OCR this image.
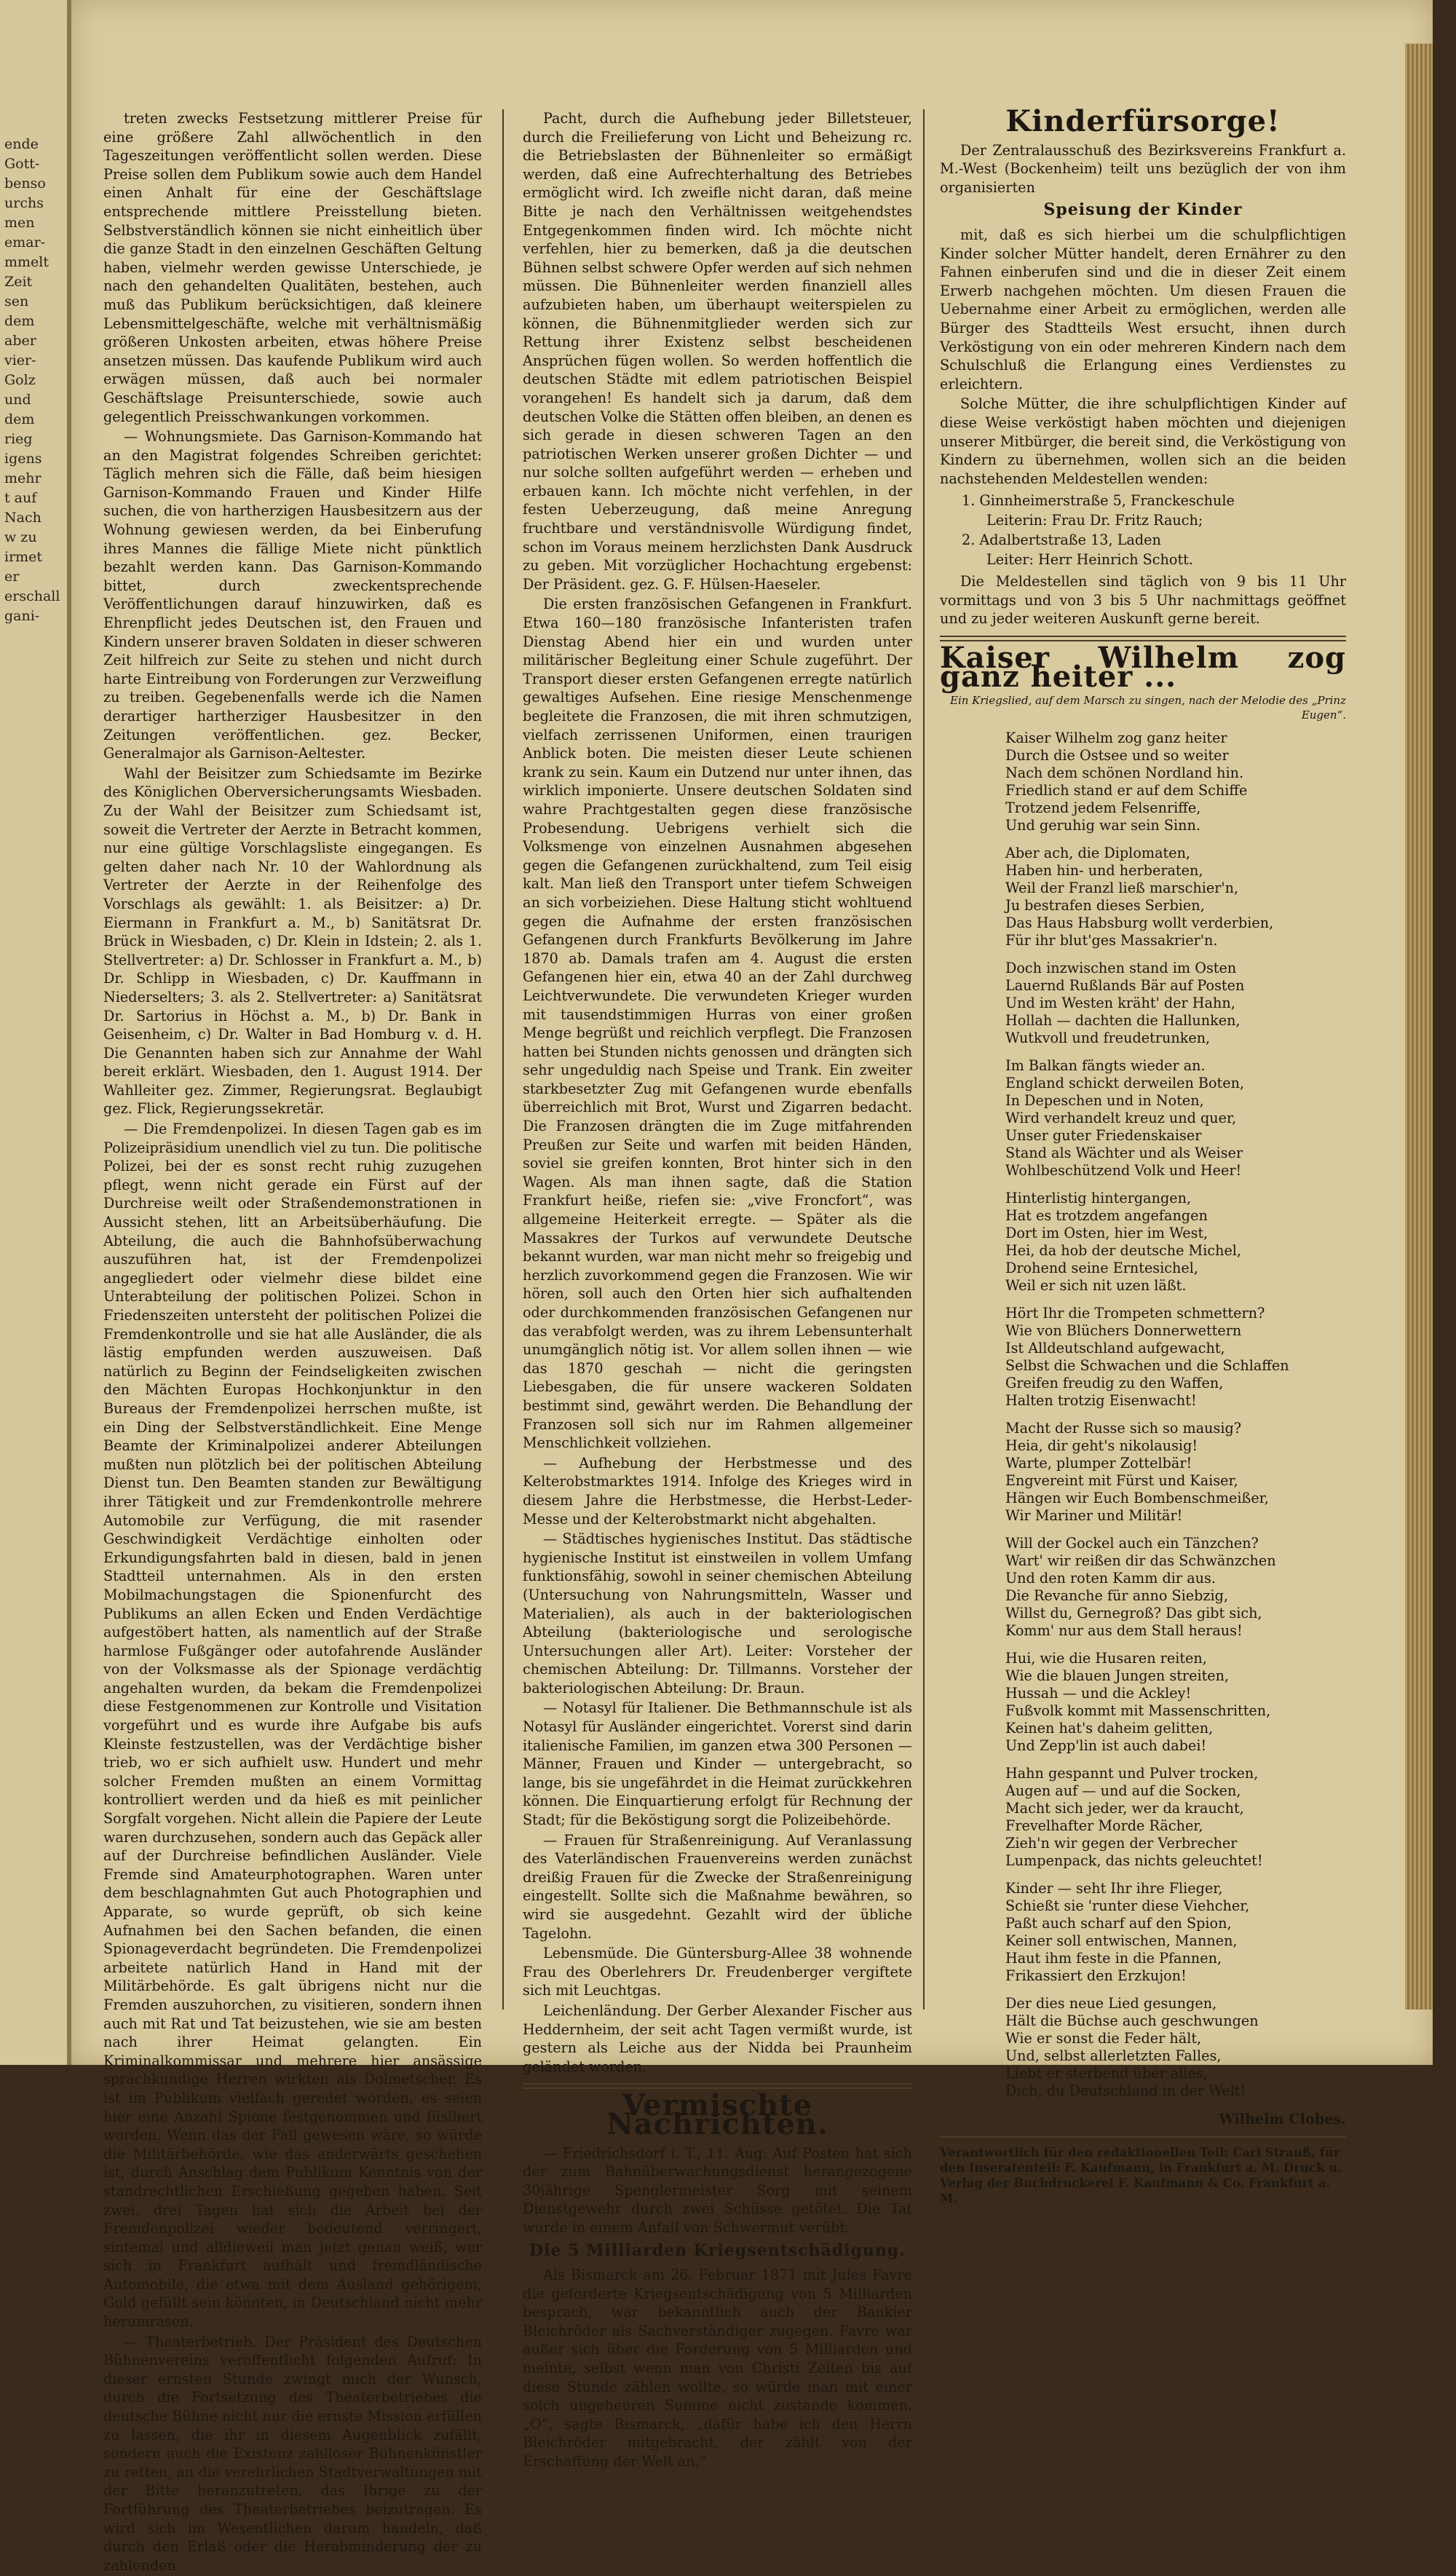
ende
Gott-
benso
urchs
men
emar-
mmelt
Zeit
sen
dem
aber
vier-
Golz
und
dem
rieg
igens
mehr
t auf
Nach
w zu
irmet
er
erschall
gani-

treten zwecks Festsetzung mittlerer Preise für eine größere Zahl allwöchentlich in den Tageszeitungen veröffentlicht sollen werden. Diese Preise sollen dem Publikum sowie auch dem Handel einen Anhalt für eine der Geschäftslage entsprechende mittlere Preisstellung bieten. Selbstverständlich können sie nicht einheitlich über die ganze Stadt in den einzelnen Geschäften Geltung haben, vielmehr werden gewisse Unterschiede, je nach den gehandelten Qualitäten, bestehen, auch muß das Publikum berücksichtigen, daß kleinere Lebensmittelgeschäfte, welche mit verhältnismäßig größeren Unkosten arbeiten, etwas höhere Preise ansetzen müssen. Das kaufende Publikum wird auch erwägen müssen, daß auch bei normaler Geschäftslage Preisunterschiede, sowie auch gelegentlich Preisschwankungen vorkommen.

— Wohnungsmiete. Das Garnison-Kommando hat an den Magistrat folgendes Schreiben gerichtet: Täglich mehren sich die Fälle, daß beim hiesigen Garnison-Kommando Frauen und Kinder Hilfe suchen, die von hartherzigen Hausbesitzern aus der Wohnung gewiesen werden, da bei Einberufung ihres Mannes die fällige Miete nicht pünktlich bezahlt werden kann. Das Garnison-Kommando bittet, durch zweckentsprechende Veröffentlichungen darauf hinzuwirken, daß es Ehrenpflicht jedes Deutschen ist, den Frauen und Kindern unserer braven Soldaten in dieser schweren Zeit hilfreich zur Seite zu stehen und nicht durch harte Eintreibung von Forderungen zur Verzweiflung zu treiben. Gegebenenfalls werde ich die Namen derartiger hartherziger Hausbesitzer in den Zeitungen veröffentlichen. gez. Becker, Generalmajor als Garnison-Aeltester.

Wahl der Beisitzer zum Schiedsamte im Bezirke des Königlichen Oberversicherungsamts Wiesbaden. Zu der Wahl der Beisitzer zum Schiedsamt ist, soweit die Vertreter der Aerzte in Betracht kommen, nur eine gültige Vorschlagsliste eingegangen. Es gelten daher nach Nr. 10 der Wahlordnung als Vertreter der Aerzte in der Reihenfolge des Vorschlags als gewählt: 1. als Beisitzer: a) Dr. Eiermann in Frankfurt a. M., b) Sanitätsrat Dr. Brück in Wiesbaden, c) Dr. Klein in Idstein; 2. als 1. Stellvertreter: a) Dr. Schlosser in Frankfurt a. M., b) Dr. Schlipp in Wiesbaden, c) Dr. Kauffmann in Niederselters; 3. als 2. Stellvertreter: a) Sanitätsrat Dr. Sartorius in Höchst a. M., b) Dr. Bank in Geisenheim, c) Dr. Walter in Bad Homburg v. d. H. Die Genannten haben sich zur Annahme der Wahl bereit erklärt. Wiesbaden, den 1. August 1914. Der Wahlleiter gez. Zimmer, Regierungsrat. Beglaubigt gez. Flick, Regierungssekretär.

— Die Fremdenpolizei. In diesen Tagen gab es im Polizeipräsidium unendlich viel zu tun. Die politische Polizei, bei der es sonst recht ruhig zuzugehen pflegt, wenn nicht gerade ein Fürst auf der Durchreise weilt oder Straßendemonstrationen in Aussicht stehen, litt an Arbeitsüberhäufung. Die Abteilung, die auch die Bahnhofsüberwachung auszuführen hat, ist der Fremdenpolizei angegliedert oder vielmehr diese bildet eine Unterabteilung der politischen Polizei. Schon in Friedenszeiten untersteht der politischen Polizei die Fremdenkontrolle und sie hat alle Ausländer, die als lästig empfunden werden auszuweisen. Daß natürlich zu Beginn der Feindseligkeiten zwischen den Mächten Europas Hochkonjunktur in den Bureaus der Fremdenpolizei herrschen mußte, ist ein Ding der Selbstverständlichkeit. Eine Menge Beamte der Kriminalpolizei anderer Abteilungen mußten nun plötzlich bei der politischen Abteilung Dienst tun. Den Beamten standen zur Bewältigung ihrer Tätigkeit und zur Fremdenkontrolle mehrere Automobile zur Verfügung, die mit rasender Geschwindigkeit Verdächtige einholten oder Erkundigungsfahrten bald in diesen, bald in jenen Stadtteil unternahmen. Als in den ersten Mobilmachungstagen die Spionenfurcht des Publikums an allen Ecken und Enden Verdächtige aufgestöbert hatten, als namentlich auf der Straße harmlose Fußgänger oder autofahrende Ausländer von der Volksmasse als der Spionage verdächtig angehalten wurden, da bekam die Fremdenpolizei diese Festgenommenen zur Kontrolle und Visitation vorgeführt und es wurde ihre Aufgabe bis aufs Kleinste festzustellen, was der Verdächtige bisher trieb, wo er sich aufhielt usw. Hundert und mehr solcher Fremden mußten an einem Vormittag kontrolliert werden und da hieß es mit peinlicher Sorgfalt vorgehen. Nicht allein die Papiere der Leute waren durchzusehen, sondern auch das Gepäck aller auf der Durchreise befindlichen Ausländer. Viele Fremde sind Amateurphotographen. Waren unter dem beschlagnahmten Gut auch Photographien und Apparate, so wurde geprüft, ob sich keine Aufnahmen bei den Sachen befanden, die einen Spionageverdacht begründeten. Die Fremdenpolizei arbeitete natürlich Hand in Hand mit der Militärbehörde. Es galt übrigens nicht nur die Fremden auszuhorchen, zu visitieren, sondern ihnen auch mit Rat und Tat beizustehen, wie sie am besten nach ihrer Heimat gelangten. Ein Kriminalkommissar und mehrere hier ansässige sprachkundige Herren wirkten als Dolmetscher. Es ist im Publikum vielfach geredet worden, es seien hier eine Anzahl Spione festgenommen und füsiliert worden. Wenn das der Fall gewesen wäre, so würde die Militärbehörde, wie das anderwärts geschehen ist, durch Anschlag dem Publikum Kenntnis von der standrechtlichen Erschießung gegeben haben. Seit zwei, drei Tagen hat sich die Arbeit bei der Fremdenpolizei wieder bedeutend verringert, sintemal und alldieweil man jetzt genau weiß, wer sich in Frankfurt aufhält und fremdländische Automobile, die etwa mit dem Ausland gehörigem, Gold gefüllt sein könnten, in Deutschland nicht mehr herumrasen.

— Theaterbetrieb. Der Präsident des Deutschen Bühnenvereins veröffentlicht folgenden Aufruf: In dieser ernsten Stunde zwingt mich der Wunsch, durch die Fortsetzung des Theaterbetriebes die deutsche Bühne nicht nur die ernste Mission erfüllen zu lassen, die ihr in diesem Augenblick zufällt, sondern auch die Existenz zahlloser Bühnenkünstler zu retten, an die verehrlichen Stadtverwaltungen mit der Bitte heranzutreten, das Ihrige zu der Fortführung des Theaterbetriebes beizutragen. Es wird sich im Wesentlichen darum handeln, daß durch den Erlaß oder die Herabminderung der zu zahlenden

Pacht, durch die Aufhebung jeder Billetsteuer, durch die Freilieferung von Licht und Beheizung rc. die Betriebslasten der Bühnenleiter so ermäßigt werden, daß eine Aufrechterhaltung des Betriebes ermöglicht wird. Ich zweifle nicht daran, daß meine Bitte je nach den Verhältnissen weitgehendstes Entgegenkommen finden wird. Ich möchte nicht verfehlen, hier zu bemerken, daß ja die deutschen Bühnen selbst schwere Opfer werden auf sich nehmen müssen. Die Bühnenleiter werden finanziell alles aufzubieten haben, um überhaupt weiterspielen zu können, die Bühnenmitglieder werden sich zur Rettung ihrer Existenz selbst bescheidenen Ansprüchen fügen wollen. So werden hoffentlich die deutschen Städte mit edlem patriotischen Beispiel vorangehen! Es handelt sich ja darum, daß dem deutschen Volke die Stätten offen bleiben, an denen es sich gerade in diesen schweren Tagen an den patriotischen Werken unserer großen Dichter — und nur solche sollten aufgeführt werden — erheben und erbauen kann. Ich möchte nicht verfehlen, in der festen Ueberzeugung, daß meine Anregung fruchtbare und verständnisvolle Würdigung findet, schon im Voraus meinem herzlichsten Dank Ausdruck zu geben. Mit vorzüglicher Hochachtung ergebenst: Der Präsident. gez. G. F. Hülsen-Haeseler.

Die ersten französischen Gefangenen in Frankfurt. Etwa 160—180 französische Infanteristen trafen Dienstag Abend hier ein und wurden unter militärischer Begleitung einer Schule zugeführt. Der Transport dieser ersten Gefangenen erregte natürlich gewaltiges Aufsehen. Eine riesige Menschenmenge begleitete die Franzosen, die mit ihren schmutzigen, vielfach zerrissenen Uniformen, einen traurigen Anblick boten. Die meisten dieser Leute schienen krank zu sein. Kaum ein Dutzend nur unter ihnen, das wirklich imponierte. Unsere deutschen Soldaten sind wahre Prachtgestalten gegen diese französische Probesendung. Uebrigens verhielt sich die Volksmenge von einzelnen Ausnahmen abgesehen gegen die Gefangenen zurückhaltend, zum Teil eisig kalt. Man ließ den Transport unter tiefem Schweigen an sich vorbeiziehen. Diese Haltung sticht wohltuend gegen die Aufnahme der ersten französischen Gefangenen durch Frankfurts Bevölkerung im Jahre 1870 ab. Damals trafen am 4. August die ersten Gefangenen hier ein, etwa 40 an der Zahl durchweg Leichtverwundete. Die verwundeten Krieger wurden mit tausendstimmigen Hurras von einer großen Menge begrüßt und reichlich verpflegt. Die Franzosen hatten bei Stunden nichts genossen und drängten sich sehr ungeduldig nach Speise und Trank. Ein zweiter starkbesetzter Zug mit Gefangenen wurde ebenfalls überreichlich mit Brot, Wurst und Zigarren bedacht. Die Franzosen drängten die im Zuge mitfahrenden Preußen zur Seite und warfen mit beiden Händen, soviel sie greifen konnten, Brot hinter sich in den Wagen. Als man ihnen sagte, daß die Station Frankfurt heiße, riefen sie: „vive Froncfort“, was allgemeine Heiterkeit erregte. — Später als die Massakres der Turkos auf verwundete Deutsche bekannt wurden, war man nicht mehr so freigebig und herzlich zuvorkommend gegen die Franzosen. Wie wir hören, soll auch den Orten hier sich aufhaltenden oder durchkommenden französischen Gefangenen nur das verabfolgt werden, was zu ihrem Lebensunterhalt unumgänglich nötig ist. Vor allem sollen ihnen — wie das 1870 geschah — nicht die geringsten Liebesgaben, die für unsere wackeren Soldaten bestimmt sind, gewährt werden. Die Behandlung der Franzosen soll sich nur im Rahmen allgemeiner Menschlichkeit vollziehen.

— Aufhebung der Herbstmesse und des Kelterobstmarktes 1914. Infolge des Krieges wird in diesem Jahre die Herbstmesse, die Herbst-Leder-Messe und der Kelterobstmarkt nicht abgehalten.

— Städtisches hygienisches Institut. Das städtische hygienische Institut ist einstweilen in vollem Umfang funktionsfähig, sowohl in seiner chemischen Abteilung (Untersuchung von Nahrungsmitteln, Wasser und Materialien), als auch in der bakteriologischen Abteilung (bakteriologische und serologische Untersuchungen aller Art). Leiter: Vorsteher der chemischen Abteilung: Dr. Tillmanns. Vorsteher der bakteriologischen Abteilung: Dr. Braun.

— Notasyl für Italiener. Die Bethmannschule ist als Notasyl für Ausländer eingerichtet. Vorerst sind darin italienische Familien, im ganzen etwa 300 Personen — Männer, Frauen und Kinder — untergebracht, so lange, bis sie ungefährdet in die Heimat zurückkehren können. Die Einquartierung erfolgt für Rechnung der Stadt; für die Beköstigung sorgt die Polizeibehörde.

— Frauen für Straßenreinigung. Auf Veranlassung des Vaterländischen Frauenvereins werden zunächst dreißig Frauen für die Zwecke der Straßenreinigung eingestellt. Sollte sich die Maßnahme bewähren, so wird sie ausgedehnt. Gezahlt wird der übliche Tagelohn.

Lebensmüde. Die Güntersburg-Allee 38 wohnende Frau des Oberlehrers Dr. Freudenberger vergiftete sich mit Leuchtgas.

Leichenländung. Der Gerber Alexander Fischer aus Heddernheim, der seit acht Tagen vermißt wurde, ist gestern als Leiche aus der Nidda bei Praunheim geländet worden.

Vermischte Nachrichten.

— Friedrichsdorf i. T., 11. Aug. Auf Posten hat sich der zum Bahnüberwachungsdienst herangezogene 30jährige Spenglermeister Sorg mit seinem Dienstgewehr durch zwei Schüsse getötet. Die Tat wurde in einem Anfall von Schwermut verübt.

Die 5 Milliarden Kriegsentschädigung.

Als Bismarck am 26. Februar 1871 mit Jules Favre die geforderte Kriegsentschädigung von 5 Milliarden besprach, war bekanntlich auch der Bankier Bleichröder als Sachverständiger zugegen. Favre war außer sich über die Forderung von 5 Milliarden und meinte, selbst wenn man von Christi Zeiten bis auf diese Stunde zählen wollte, so würde man mit einer solch ungeheuren Summe nicht zustande kommen. „O“, sagte Bismarck, „dafür habe ich den Herrn Bleichröder mitgebracht, der zählt von der Erschaffung der Welt an.“

Kinderfürsorge!

Der Zentralausschuß des Bezirksvereins Frankfurt a. M.-West (Bockenheim) teilt uns bezüglich der von ihm organisierten

Speisung der Kinder

mit, daß es sich hierbei um die schulpflichtigen Kinder solcher Mütter handelt, deren Ernährer zu den Fahnen einberufen sind und die in dieser Zeit einem Erwerb nachgehen möchten. Um diesen Frauen die Uebernahme einer Arbeit zu ermöglichen, werden alle Bürger des Stadtteils West ersucht, ihnen durch Verköstigung von ein oder mehreren Kindern nach dem Schulschluß die Erlangung eines Verdienstes zu erleichtern.

Solche Mütter, die ihre schulpflichtigen Kinder auf diese Weise verköstigt haben möchten und diejenigen unserer Mitbürger, die bereit sind, die Verköstigung von Kindern zu übernehmen, wollen sich an die beiden nachstehenden Meldestellen wenden:

1. Ginnheimerstraße 5, Franckeschule
Leiterin: Frau Dr. Fritz Rauch;
2. Adalbertstraße 13, Laden
Leiter: Herr Heinrich Schott.

Die Meldestellen sind täglich von 9 bis 11 Uhr vormittags und von 3 bis 5 Uhr nachmittags geöffnet und zu jeder weiteren Auskunft gerne bereit.

Kaiser Wilhelm zog ganz heiter ...
Ein Kriegslied, auf dem Marsch zu singen, nach der Melodie des „Prinz Eugen“.
Kaiser Wilhelm zog ganz heiter
Durch die Ostsee und so weiter
Nach dem schönen Nordland hin.
Friedlich stand er auf dem Schiffe
Trotzend jedem Felsenriffe,
Und geruhig war sein Sinn.
Aber ach, die Diplomaten,
Haben hin- und herberaten,
Weil der Franzl ließ marschier'n,
Ju bestrafen dieses Serbien,
Das Haus Habsburg wollt verderbien,
Für ihr blut'ges Massakrier'n.
Doch inzwischen stand im Osten
Lauernd Rußlands Bär auf Posten
Und im Westen kräht' der Hahn,
Hollah — dachten die Hallunken,
Wutkvoll und freudetrunken,
Im Balkan fängts wieder an.
England schickt derweilen Boten,
In Depeschen und in Noten,
Wird verhandelt kreuz und quer,
Unser guter Friedenskaiser
Stand als Wächter und als Weiser
Wohlbeschützend Volk und Heer!
Hinterlistig hintergangen,
Hat es trotzdem angefangen
Dort im Osten, hier im West,
Hei, da hob der deutsche Michel,
Drohend seine Erntesichel,
Weil er sich nit uzen läßt.
Hört Ihr die Trompeten schmettern?
Wie von Blüchers Donnerwettern
Ist Alldeutschland aufgewacht,
Selbst die Schwachen und die Schlaffen
Greifen freudig zu den Waffen,
Halten trotzig Eisenwacht!
Macht der Russe sich so mausig?
Heia, dir geht's nikolausig!
Warte, plumper Zottelbär!
Engvereint mit Fürst und Kaiser,
Hängen wir Euch Bombenschmeißer,
Wir Mariner und Militär!
Will der Gockel auch ein Tänzchen?
Wart' wir reißen dir das Schwänzchen
Und den roten Kamm dir aus.
Die Revanche für anno Siebzig,
Willst du, Gernegroß? Das gibt sich,
Komm' nur aus dem Stall heraus!
Hui, wie die Husaren reiten,
Wie die blauen Jungen streiten,
Hussah — und die Ackley!
Fußvolk kommt mit Massenschritten,
Keinen hat's daheim gelitten,
Und Zepp'lin ist auch dabei!
Hahn gespannt und Pulver trocken,
Augen auf — und auf die Socken,
Macht sich jeder, wer da kraucht,
Frevelhafter Morde Rächer,
Zieh'n wir gegen der Verbrecher
Lumpenpack, das nichts geleuchtet!
Kinder — seht Ihr ihre Flieger,
Schießt sie 'runter diese Viehcher,
Paßt auch scharf auf den Spion,
Keiner soll entwischen, Mannen,
Haut ihm feste in die Pfannen,
Frikassiert den Erzkujon!
Der dies neue Lied gesungen,
Hält die Büchse auch geschwungen
Wie er sonst die Feder hält,
Und, selbst allerletzten Falles,
Liebt er sterbend über alles,
Dich, du Deutschland in der Welt!
Wilhelm Clobes.
Verantwortlich für den redaktionellen Teil: Carl Strauß, für den Inseratenteil: F. Kaufmann, in Frankfurt a. M. Druck u. Verlag der Buchdruckerei F. Kaufmann & Co. Frankfurt a. M.
